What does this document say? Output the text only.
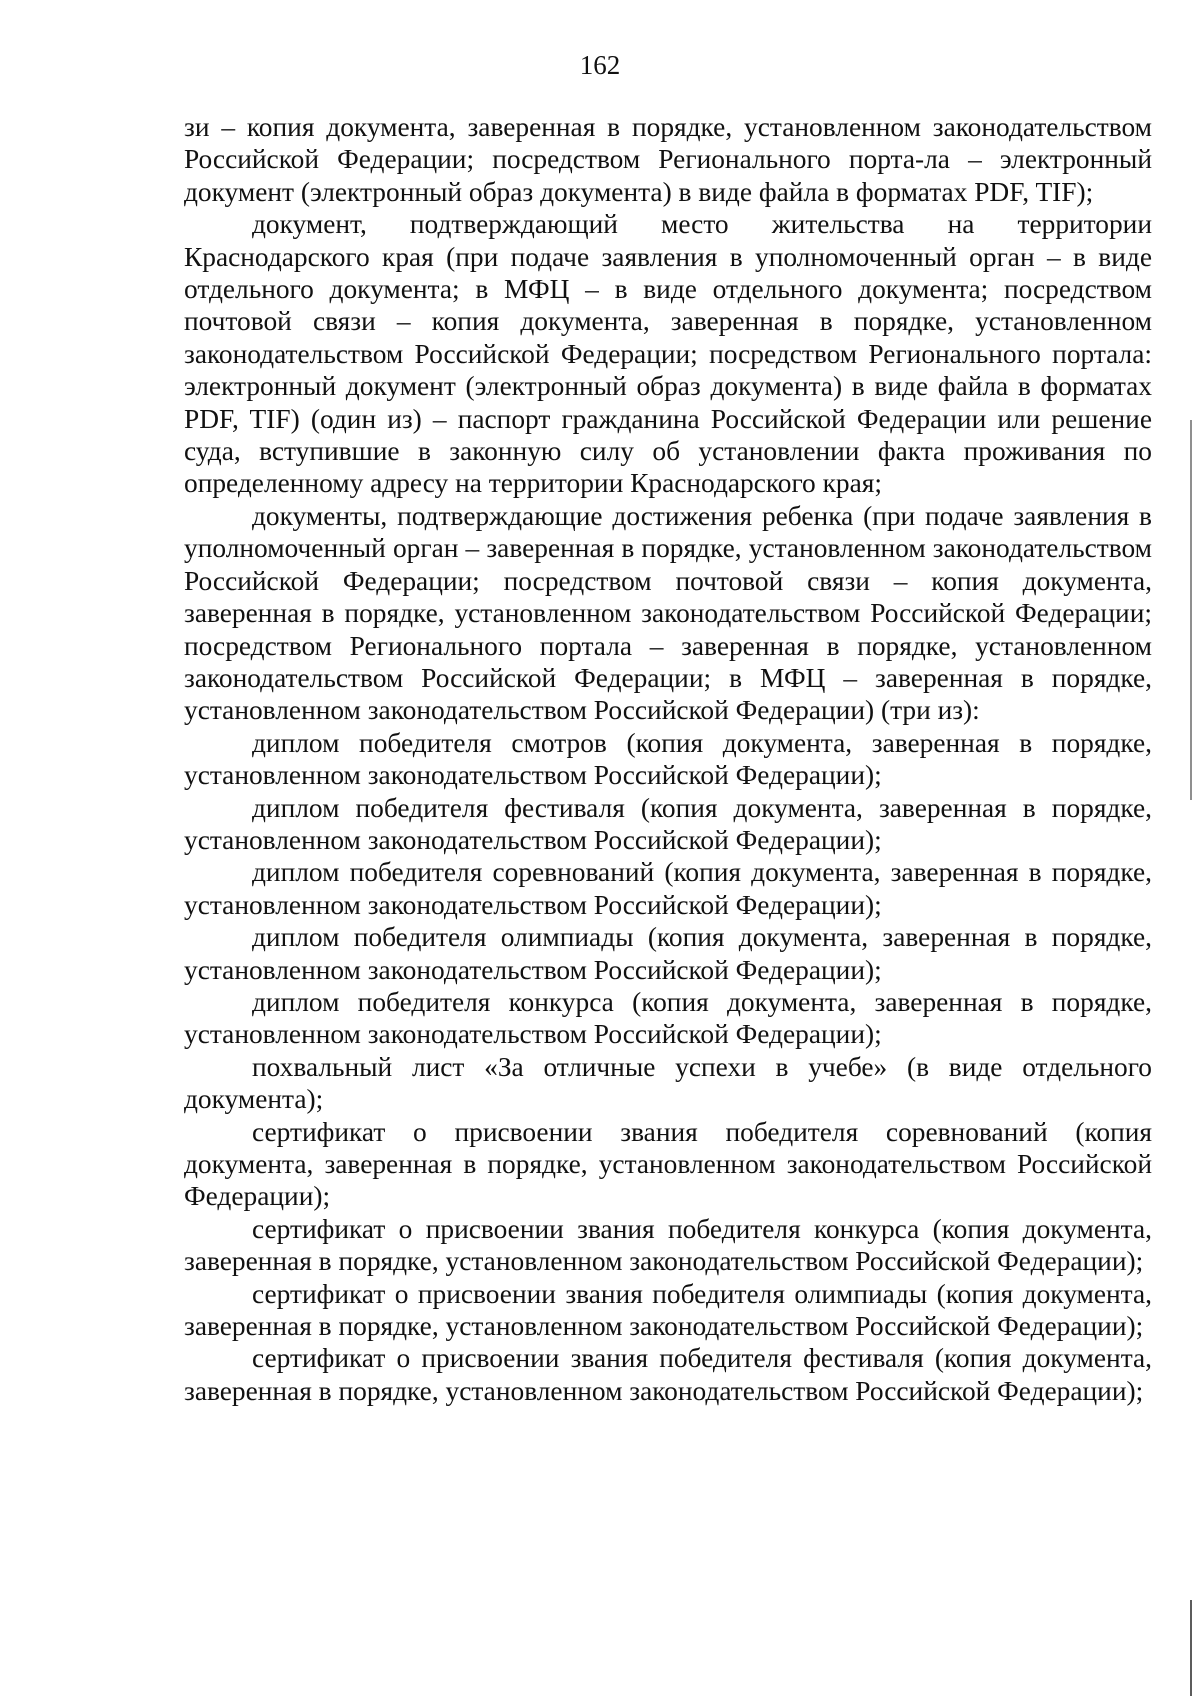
162

зи – копия документа, заверенная в порядке, установленном законодательством Российской Федерации; посредством Регионального порта-ла – электронный документ (электронный образ документа) в виде файла в форматах PDF, TIF);

документ, подтверждающий место жительства на территории Краснодарского края (при подаче заявления в уполномоченный орган – в виде отдельного документа; в МФЦ – в виде отдельного документа; посредством почтовой связи – копия документа, заверенная в порядке, установленном законодательством Российской Федерации; посредством Регионального портала: электронный документ (электронный образ документа) в виде файла в форматах PDF, TIF) (один из) – паспорт гражданина Российской Федерации или решение суда, вступившие в законную силу об установлении факта проживания по определенному адресу на территории Краснодарского края;

документы, подтверждающие достижения ребенка (при подаче заявления в уполномоченный орган – заверенная в порядке, установленном законодательством Российской Федерации; посредством почтовой связи – копия документа, заверенная в порядке, установленном законодательством Российской Федерации; посредством Регионального портала – заверенная в порядке, установленном законодательством Российской Федерации; в МФЦ – заверенная в порядке, установленном законодательством Российской Федерации) (три из):

диплом победителя смотров (копия документа, заверенная в порядке, установленном законодательством Российской Федерации);

диплом победителя фестиваля (копия документа, заверенная в порядке, установленном законодательством Российской Федерации);

диплом победителя соревнований (копия документа, заверенная в порядке, установленном законодательством Российской Федерации);

диплом победителя олимпиады (копия документа, заверенная в порядке, установленном законодательством Российской Федерации);

диплом победителя конкурса (копия документа, заверенная в порядке, установленном законодательством Российской Федерации);

похвальный лист «За отличные успехи в учебе» (в виде отдельного документа);

сертификат о присвоении звания победителя соревнований (копия документа, заверенная в порядке, установленном законодательством Российской Федерации);

сертификат о присвоении звания победителя конкурса (копия документа, заверенная в порядке, установленном законодательством Российской Федерации);

сертификат о присвоении звания победителя олимпиады (копия документа, заверенная в порядке, установленном законодательством Российской Федерации);

сертификат о присвоении звания победителя фестиваля (копия документа, заверенная в порядке, установленном законодательством Российской Федерации);
